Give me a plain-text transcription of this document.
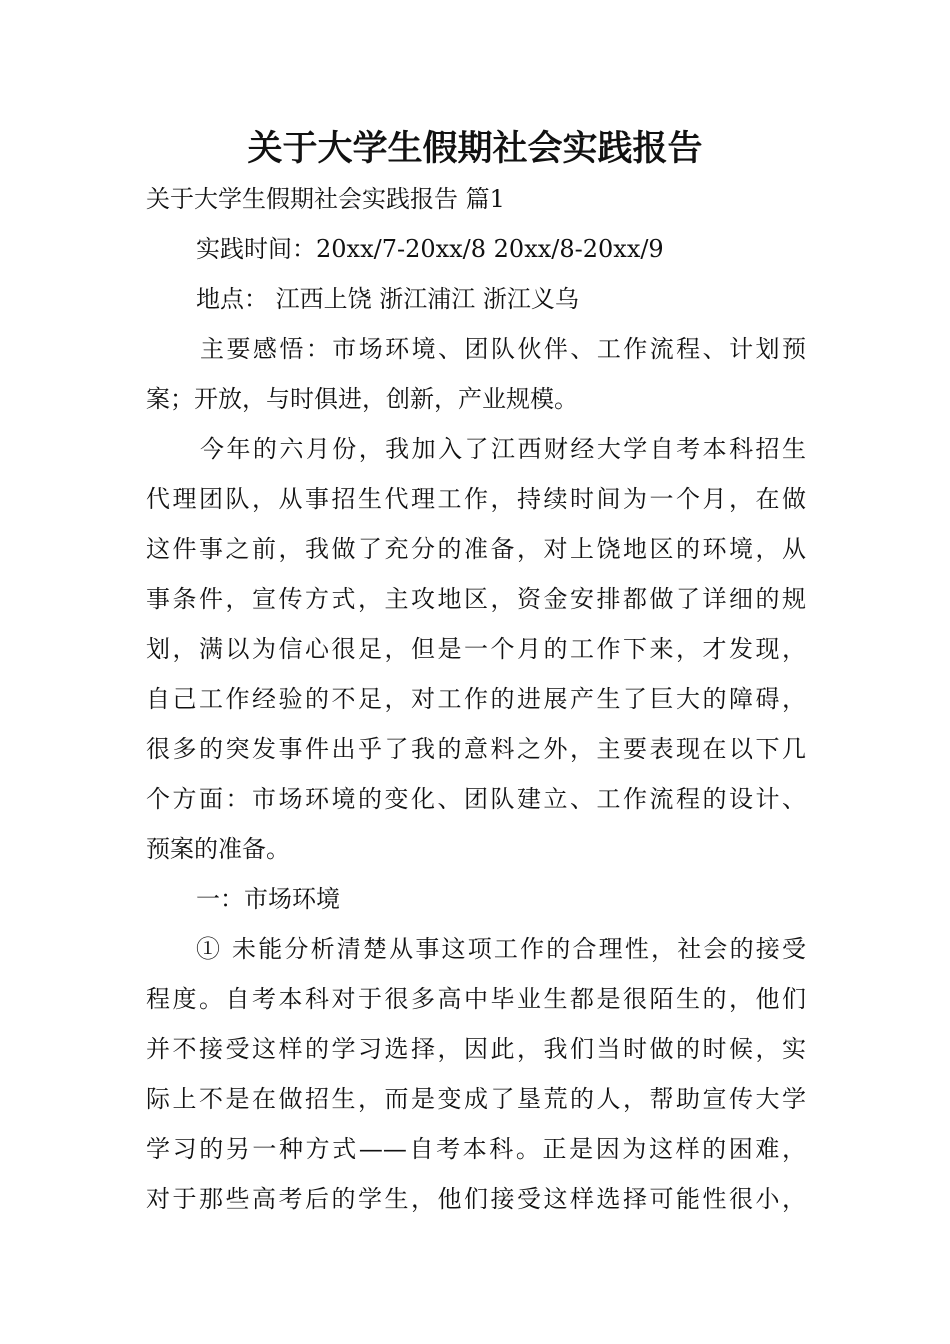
关于大学生假期社会实践报告
关于大学生假期社会实践报告 篇1
实践时间：20xx/7-20xx/8 20xx/8-20xx/9
地点： 江西上饶 浙江浦江 浙江义乌
主要感悟：市场环境、团队伙伴、工作流程、计划预
案；开放，与时俱进，创新，产业规模。
今年的六月份，我加入了江西财经大学自考本科招生
代理团队，从事招生代理工作，持续时间为一个月，在做
这件事之前，我做了充分的准备，对上饶地区的环境，从
事条件，宣传方式，主攻地区，资金安排都做了详细的规
划，满以为信心很足，但是一个月的工作下来，才发现，
自己工作经验的不足，对工作的进展产生了巨大的障碍，
很多的突发事件出乎了我的意料之外，主要表现在以下几
个方面：市场环境的变化、团队建立、工作流程的设计、
预案的准备。
一：市场环境
① 未能分析清楚从事这项工作的合理性，社会的接受
程度。自考本科对于很多高中毕业生都是很陌生的，他们
并不接受这样的学习选择，因此，我们当时做的时候，实
际上不是在做招生，而是变成了垦荒的人，帮助宣传大学
学习的另一种方式——自考本科。正是因为这样的困难，
对于那些高考后的学生，他们接受这样选择可能性很小，
